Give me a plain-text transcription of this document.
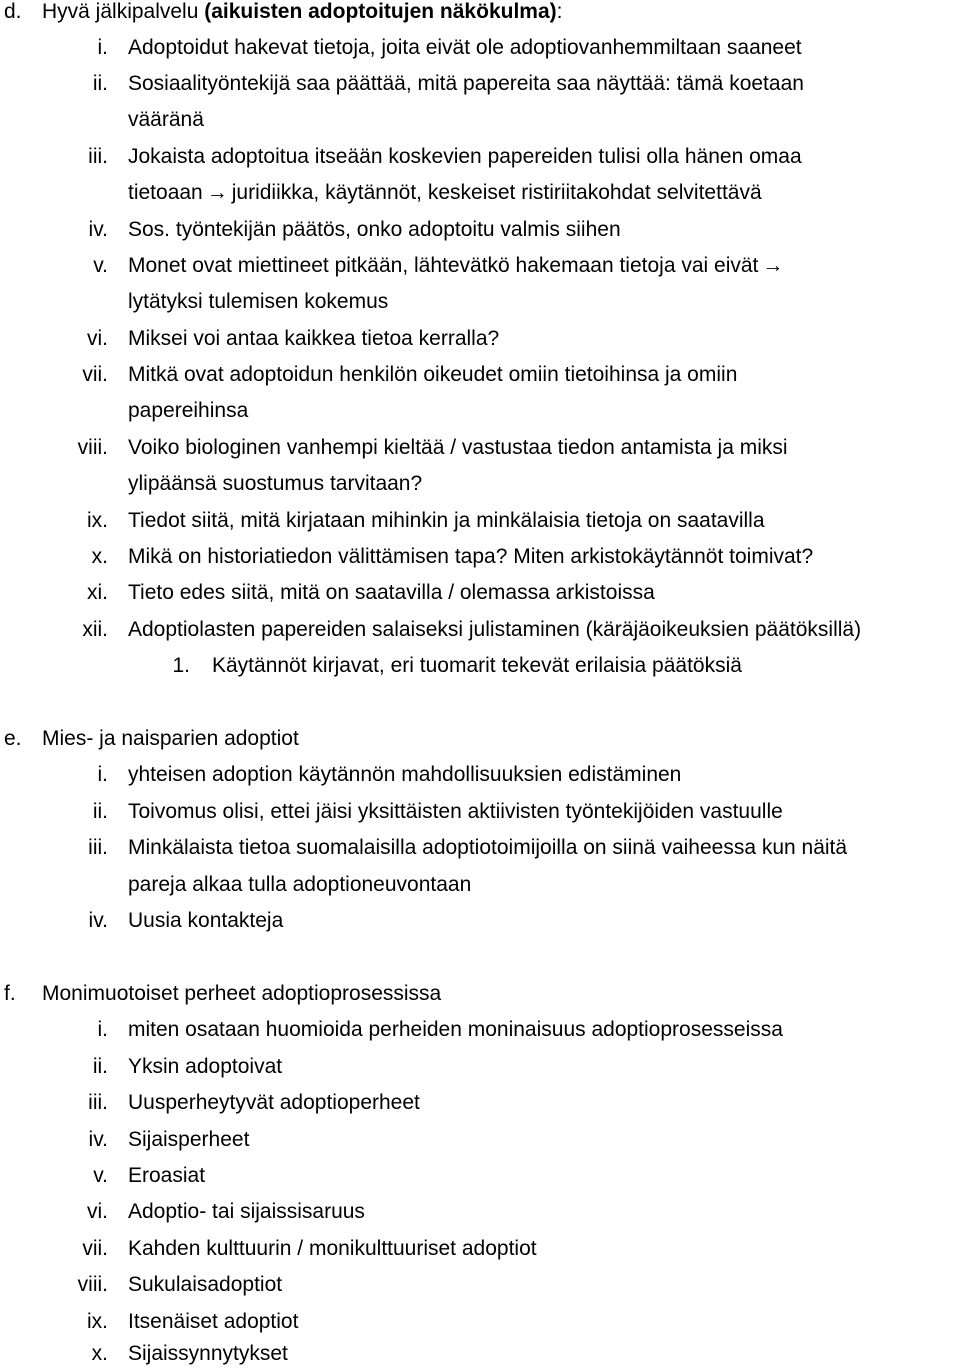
d. Hyvä jälkipalvelu (aikuisten adoptoitujen näkökulma):
i. Adoptoidut hakevat tietoja, joita eivät ole adoptiovanhemmiltaan saaneet
ii. Sosiaalityöntekijä saa päättää, mitä papereita saa näyttää: tämä koetaan
vääränä
iii. Jokaista adoptoitua itseään koskevien papereiden tulisi olla hänen omaa
tietoaan → juridiikka, käytännöt, keskeiset ristiriitakohdat selvitettävä
iv. Sos. työntekijän päätös, onko adoptoitu valmis siihen
v. Monet ovat miettineet pitkään, lähtevätkö hakemaan tietoja vai eivät →
lytätyksi tulemisen kokemus
vi. Miksei voi antaa kaikkea tietoa kerralla?
vii. Mitkä ovat adoptoidun henkilön oikeudet omiin tietoihinsa ja omiin
papereihinsa
viii. Voiko biologinen vanhempi kieltää / vastustaa tiedon antamista ja miksi
ylipäänsä suostumus tarvitaan?
ix. Tiedot siitä, mitä kirjataan mihinkin ja minkälaisia tietoja on saatavilla
x. Mikä on historiatiedon välittämisen tapa? Miten arkistokäytännöt toimivat?
xi. Tieto edes siitä, mitä on saatavilla / olemassa arkistoissa
xii. Adoptiolasten papereiden salaiseksi julistaminen (käräjäoikeuksien päätöksillä)
1. Käytännöt kirjavat, eri tuomarit tekevät erilaisia päätöksiä
e. Mies- ja naisparien adoptiot
i. yhteisen adoption käytännön mahdollisuuksien edistäminen
ii. Toivomus olisi, ettei jäisi yksittäisten aktiivisten työntekijöiden vastuulle
iii. Minkälaista tietoa suomalaisilla adoptiotoimijoilla on siinä vaiheessa kun näitä
pareja alkaa tulla adoptioneuvontaan
iv. Uusia kontakteja
f.	Monimuotoiset perheet adoptioprosessissa
i. miten osataan huomioida perheiden moninaisuus adoptioprosesseissa
ii. Yksin adoptoivat
iii. Uusperheytyvät adoptioperheet
iv. Sijaisperheet
v. Eroasiat
vi. Adoptio- tai sijaissisaruus
vii. Kahden kulttuurin / monikulttuuriset adoptiot
viii. Sukulaisadoptiot
ix. Itsenäiset adoptiot
x. Sijaissynnytykset
